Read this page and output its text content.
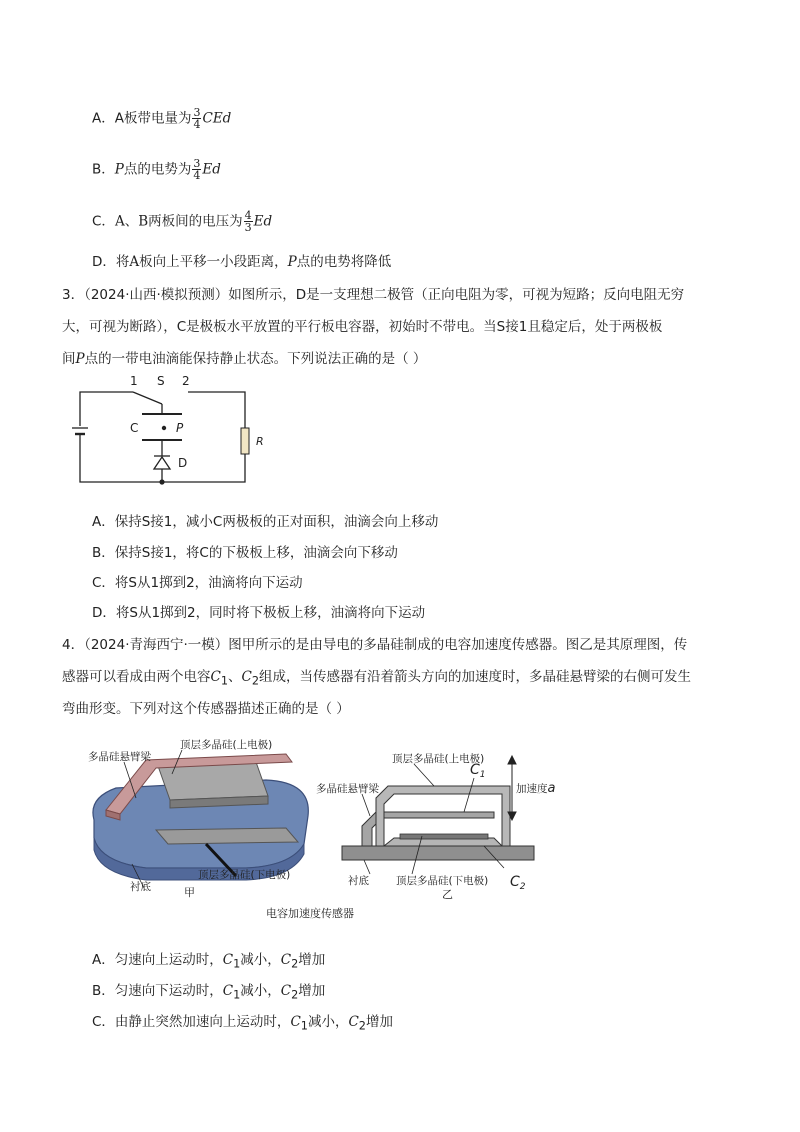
A．A板带电量为 $\frac{3}{4}$ CEd
B．P点的电势为 $\frac{3}{4}$ Ed
C．A、B两板间的电压为 $\frac{4}{3}$ Ed
D．将A板向上平移一小段距离，P点的电势将降低
3．（2024·山西·模拟预测）如图所示，D是一支理想二极管（正向电阻为零，可视为短路；反向电阻无穷
大，可视为断路），C是极板水平放置的平行板电容器，初始时不带电。当S接1且稳定后，处于两极板
间P点的一带电油滴能保持静止状态。下列说法正确的是（ ）
1 S 2
C	P
D
R
A．保持S接1，减小C两极板的正对面积，油滴会向上移动
B．保持S接1，将C的下极板上移，油滴会向下移动
C．将S从1掷到2，油滴将向下运动
D．将S从1掷到2，同时将下极板上移，油滴将向下运动
4．（2024·青海西宁·一模）图甲所示的是由导电的多晶硅制成的电容加速度传感器。图乙是其原理图，传
感器可以看成由两个电容$C_1$、$C_2$组成，当传感器有沿着箭头方向的加速度时，多晶硅悬臂梁的右侧可发生
弯曲形变。下列对这个传感器描述正确的是（ ）
顶层多晶硅(上电极)
多晶硅悬臂梁
顶层多晶硅(下电极)
衬底	甲
顶层多晶硅(上电极)
$C_1$
加速度a
多晶硅悬臂梁
衬底	顶层多晶硅(下电极) $C_2$
乙
电容加速度传感器
A．匀速向上运动时，$C_1$减小，$C_2$增加
B．匀速向下运动时，$C_1$减小，$C_2$增加
C．由静止突然加速向上运动时，$C_1$减小，$C_2$增加
